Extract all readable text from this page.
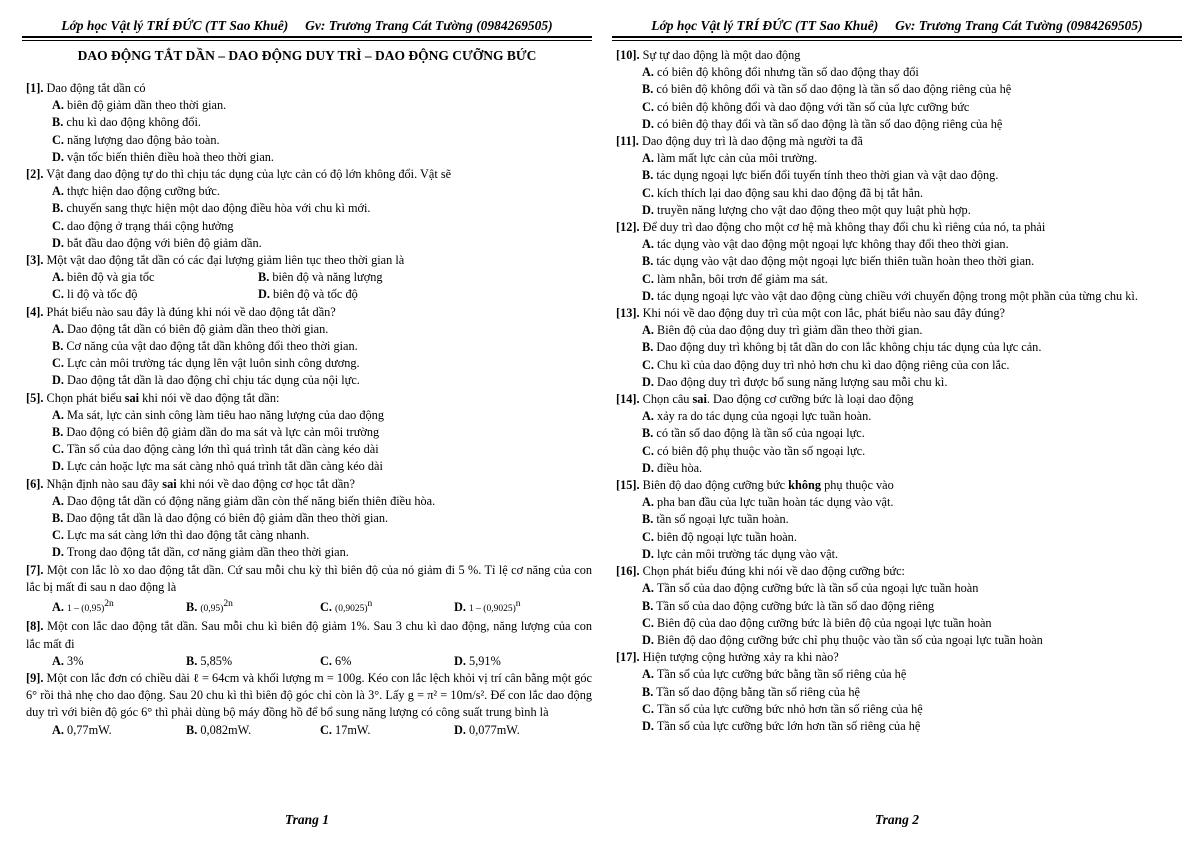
Lớp học Vật lý TRÍ ĐỨC (TT Sao Khuê) Gv: Trương Trang Cát Tường (0984269505)
DAO ĐỘNG TẮT DẦN – DAO ĐỘNG DUY TRÌ – DAO ĐỘNG CƯỠNG BỨC
[1]. Dao động tắt dần có
A. biên độ giảm dần theo thời gian.
B. chu kì dao động không đổi.
C. năng lượng dao động bảo toàn.
D. vận tốc biến thiên điều hoà theo thời gian.
[2]. Vật đang dao động tự do thì chịu tác dụng của lực cản có độ lớn không đổi. Vật sẽ
A. thực hiện dao động cưỡng bức.
B. chuyển sang thực hiện một dao động điều hòa với chu kì mới.
C. dao động ở trạng thái cộng hưởng
D. bắt đầu dao động với biên độ giảm dần.
[3]. Một vật dao động tắt dần có các đại lượng giảm liên tục theo thời gian là
A. biên độ và gia tốc	B. biên độ và năng lượng
C. li độ và tốc độ	D. biên độ và tốc độ
[4]. Phát biểu nào sau đây là đúng khi nói về dao động tắt dần?
A. Dao động tắt dần có biên độ giảm dần theo thời gian.
B. Cơ năng của vật dao động tắt dần không đổi theo thời gian.
C. Lực cản môi trường tác dụng lên vật luôn sinh công dương.
D. Dao động tắt dần là dao động chỉ chịu tác dụng của nội lực.
[5]. Chọn phát biểu sai khi nói về dao động tắt dần:
A. Ma sát, lực cản sinh công làm tiêu hao năng lượng của dao động
B. Dao động có biên độ giảm dần do ma sát và lực cản môi trường
C. Tần số của dao động càng lớn thì quá trình tắt dần càng kéo dài
D. Lực cản hoặc lực ma sát càng nhỏ quá trình tắt dần càng kéo dài
[6]. Nhận định nào sau đây sai khi nói về dao động cơ học tắt dần?
A. Dao động tắt dần có động năng giảm dần còn thế năng biến thiên điều hòa.
B. Dao động tắt dần là dao động có biên độ giảm dần theo thời gian.
C. Lực ma sát càng lớn thì dao động tắt càng nhanh.
D. Trong dao động tắt dần, cơ năng giảm dần theo thời gian.
[7]. Một con lắc lò xo dao động tắt dần. Cứ sau mỗi chu kỳ thì biên độ của nó giảm đi 5 %. Tỉ lệ cơ năng của con lắc bị mất đi sau n dao động là
A. $1 - (0,95)^{2n}$	B. $(0,95)^{2n}$	C. $(0,9025)^n$	D. $1 - (0,9025)^n$
[8]. Một con lắc dao động tắt dần. Sau mỗi chu kì biên độ giảm 1%. Sau 3 chu kì dao động, năng lượng của con lắc mất đi
A. 3%	B. 5,85%	C. 6%	D. 5,91%
[9]. Một con lắc đơn có chiều dài ℓ = 64cm và khối lượng m = 100g. Kéo con lắc lệch khỏi vị trí cân bằng một góc 6° rồi thả nhẹ cho dao động. Sau 20 chu kì thì biên độ góc chỉ còn là 3°. Lấy g = π² = 10m/s². Để con lắc dao động duy trì với biên độ góc 6° thì phải dùng bộ máy đồng hồ để bổ sung năng lượng có công suất trung bình là
A. 0,77mW.	B. 0,082mW.	C. 17mW.	D. 0,077mW.
Trang 1
Lớp học Vật lý TRÍ ĐỨC (TT Sao Khuê) Gv: Trương Trang Cát Tường (0984269505)
[10]. Sự tự dao động là một dao động
A. có biên độ không đổi nhưng tần số dao động thay đổi
B. có biên độ không đổi và tần số dao động là tần số dao động riêng của hệ
C. có biên độ không đổi và dao động với tần số của lực cưỡng bức
D. có biên độ thay đổi và tần số dao động là tần số dao động riêng của hệ
[11]. Dao động duy trì là dao động mà người ta đã
A. làm mất lực cản của môi trường.
B. tác dụng ngoại lực biến đổi tuyến tính theo thời gian và vật dao động.
C. kích thích lại dao động sau khi dao động đã bị tắt hẳn.
D. truyền năng lượng cho vật dao động theo một quy luật phù hợp.
[12]. Để duy trì dao động cho một cơ hệ mà không thay đổi chu kì riêng của nó, ta phải
A. tác dụng vào vật dao động một ngoại lực không thay đổi theo thời gian.
B. tác dụng vào vật dao động một ngoại lực biến thiên tuần hoàn theo thời gian.
C. làm nhẵn, bôi trơn để giảm ma sát.
D. tác dụng ngoại lực vào vật dao động cùng chiều với chuyển động trong một phần của từng chu kì.
[13]. Khi nói về dao động duy trì của một con lắc, phát biểu nào sau đây đúng?
A. Biên độ của dao động duy trì giảm dần theo thời gian.
B. Dao động duy trì không bị tắt dần do con lắc không chịu tác dụng của lực cản.
C. Chu kì của dao động duy trì nhỏ hơn chu kì dao động riêng của con lắc.
D. Dao động duy trì được bổ sung năng lượng sau mỗi chu kì.
[14]. Chọn câu sai. Dao động cơ cưỡng bức là loại dao động
A. xảy ra do tác dụng của ngoại lực tuần hoàn.
B. có tần số dao động là tần số của ngoại lực.
C. có biên độ phụ thuộc vào tần số ngoại lực.
D. điều hòa.
[15]. Biên độ dao động cưỡng bức không phụ thuộc vào
A. pha ban đầu của lực tuần hoàn tác dụng vào vật.
B. tần số ngoại lực tuần hoàn.
C. biên độ ngoại lực tuần hoàn.
D. lực cản môi trường tác dụng vào vật.
[16]. Chọn phát biểu đúng khi nói về dao động cưỡng bức:
A. Tần số của dao động cưỡng bức là tần số của ngoại lực tuần hoàn
B. Tần số của dao động cưỡng bức là tần số dao động riêng
C. Biên độ của dao động cưỡng bức là biên độ của ngoại lực tuần hoàn
D. Biên độ dao động cưỡng bức chỉ phụ thuộc vào tần số của ngoại lực tuần hoàn
[17]. Hiện tượng cộng hưởng xảy ra khi nào?
A. Tần số của lực cưỡng bức bằng tần số riêng của hệ
B. Tần số dao động bằng tần số riêng của hệ
C. Tần số của lực cưỡng bức nhỏ hơn tần số riêng của hệ
D. Tần số của lực cưỡng bức lớn hơn tần số riêng của hệ
Trang 2
